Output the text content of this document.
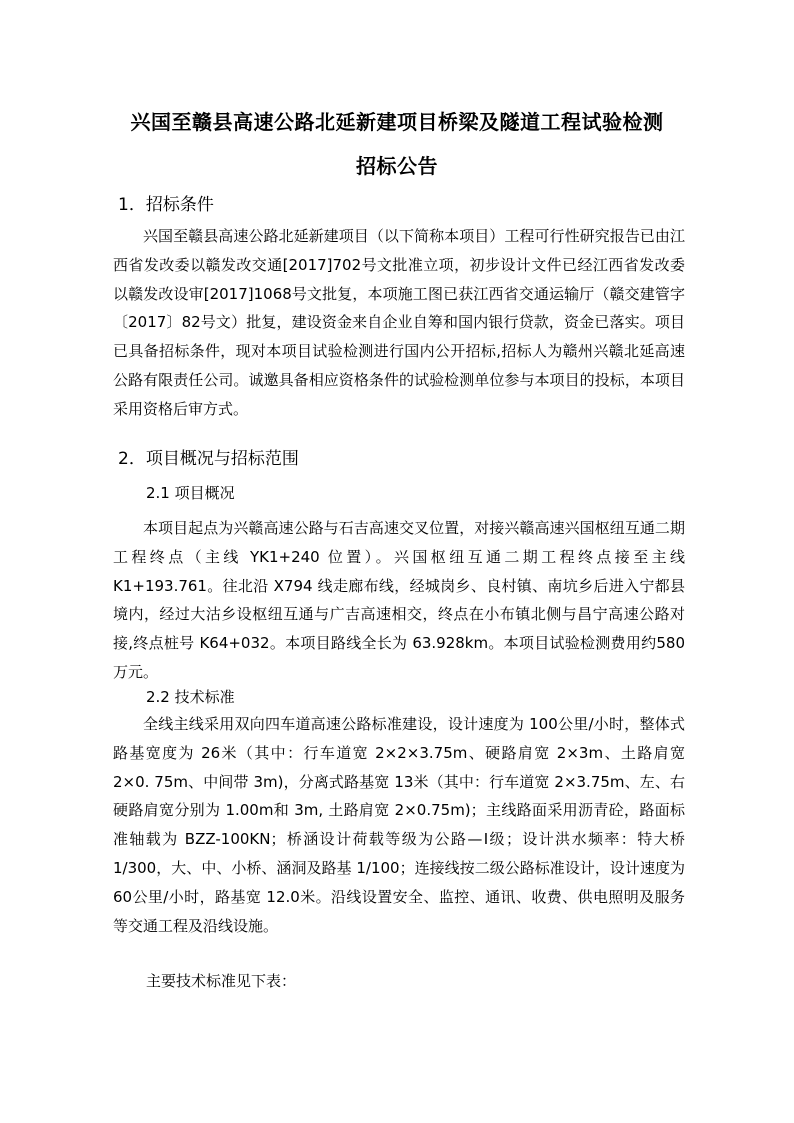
兴国至赣县高速公路北延新建项目桥梁及隧道工程试验检测
招标公告
1．招标条件
兴国至赣县高速公路北延新建项目（以下简称本项目）工程可行性研究报告已由江西省发改委以赣发改交通[2017]702号文批准立项，初步设计文件已经江西省发改委以赣发改设审[2017]1068号文批复，本项施工图已获江西省交通运输厅（赣交建管字〔2017〕82号文）批复，建设资金来自企业自筹和国内银行贷款，资金已落实。项目已具备招标条件，现对本项目试验检测进行国内公开招标,招标人为赣州兴赣北延高速公路有限责任公司。诚邀具备相应资格条件的试验检测单位参与本项目的投标，本项目采用资格后审方式。
2．项目概况与招标范围
2.1 项目概况
本项目起点为兴赣高速公路与石吉高速交叉位置，对接兴赣高速兴国枢纽互通二期工程终点（主线 YK1+240 位置）。兴国枢纽互通二期工程终点接至主线K1+193.761。往北沿 X794 线走廊布线，经城岗乡、良村镇、南坑乡后进入宁都县境内，经过大沽乡设枢纽互通与广吉高速相交，终点在小布镇北侧与昌宁高速公路对接,终点桩号 K64+032。本项目路线全长为 63.928km。本项目试验检测费用约580万元。
2.2 技术标准
全线主线采用双向四车道高速公路标准建设，设计速度为 100公里/小时，整体式路基宽度为 26米（其中：行车道宽 2×2×3.75m、硬路肩宽 2×3m、土路肩宽 2×0. 75m、中间带 3m)，分离式路基宽 13米（其中：行车道宽 2×3.75m、左、右硬路肩宽分别为 1.00m和 3m, 土路肩宽 2×0.75m)；主线路面采用沥青砼，路面标准轴载为 BZZ-100KN；桥涵设计荷载等级为公路—Ⅰ级；设计洪水频率：特大桥 1/300，大、中、小桥、涵洞及路基 1/100；连接线按二级公路标准设计，设计速度为 60公里/小时，路基宽 12.0米。沿线设置安全、监控、通讯、收费、供电照明及服务等交通工程及沿线设施。
主要技术标准见下表：
